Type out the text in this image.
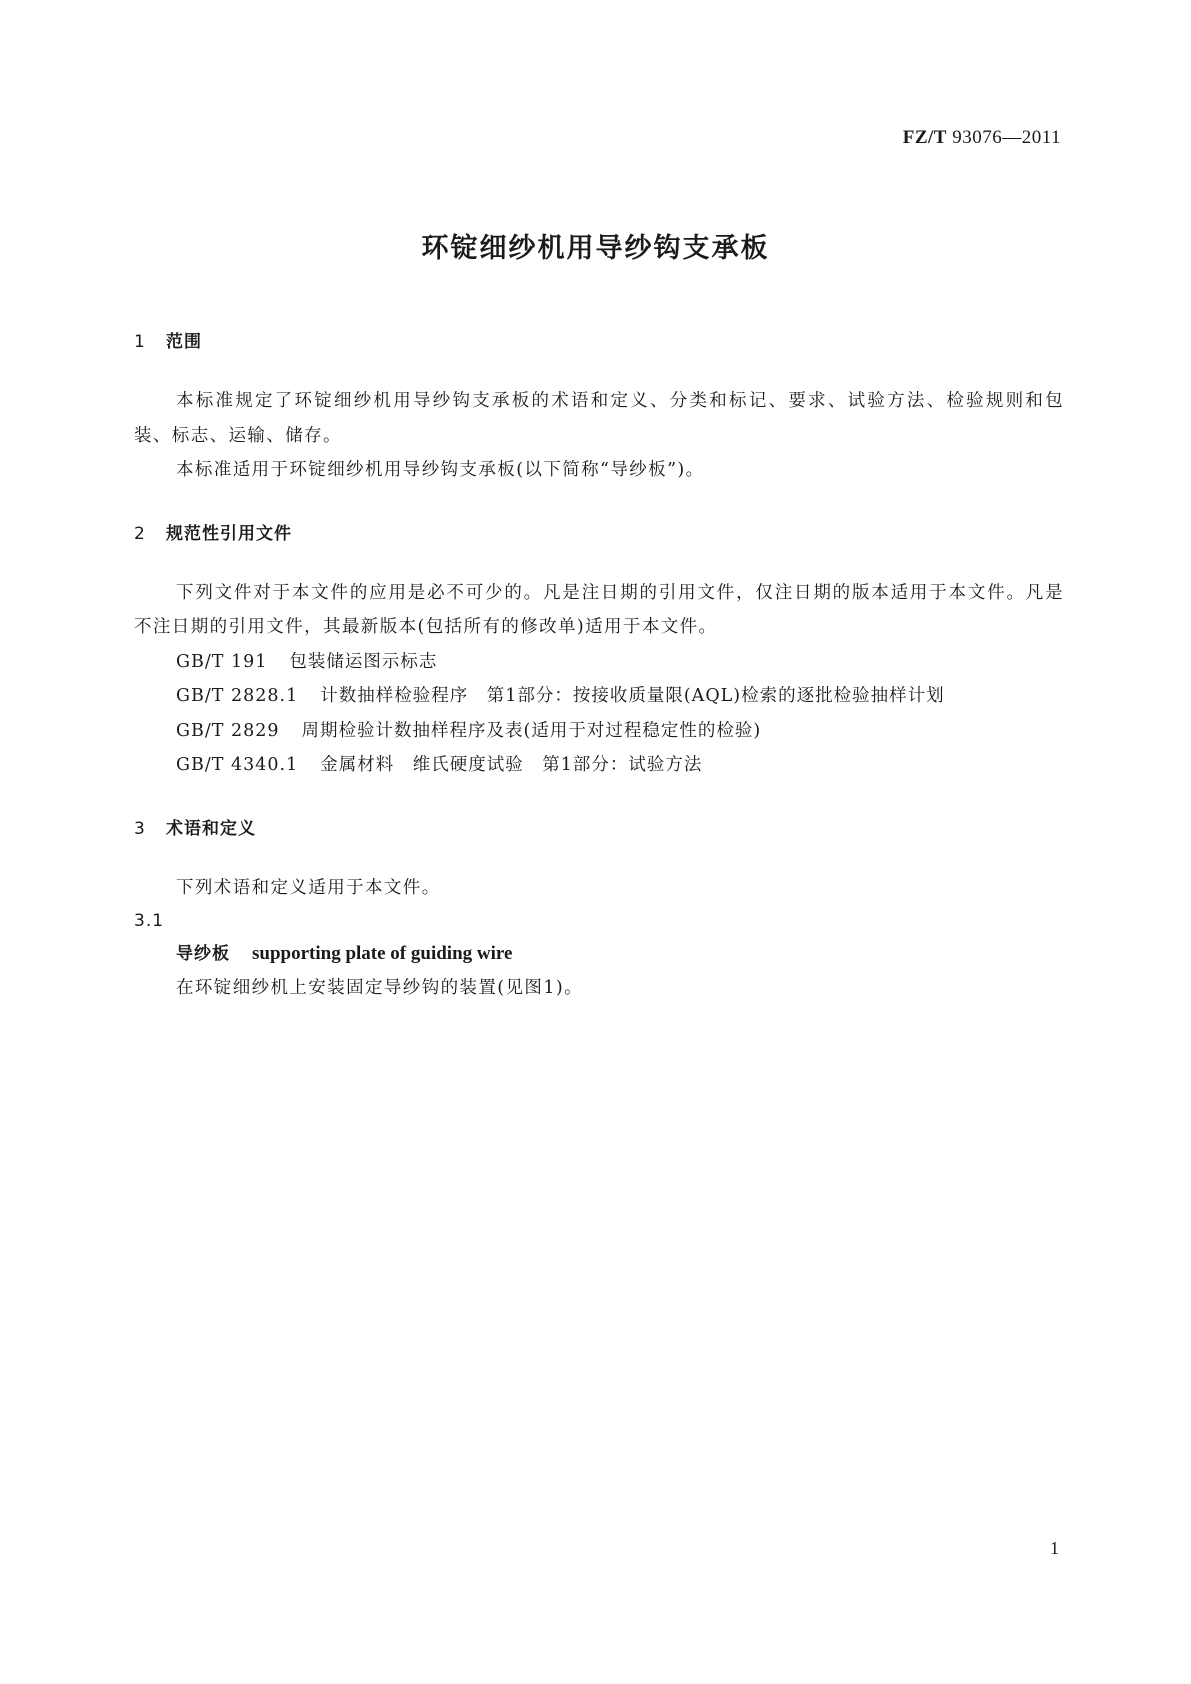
FZ/T 93076—2011
环锭细纱机用导纱钩支承板
1 范围
本标准规定了环锭细纱机用导纱钩支承板的术语和定义、分类和标记、要求、试验方法、检验规则和包装、标志、运输、储存。
本标准适用于环锭细纱机用导纱钩支承板(以下简称“导纱板”)。
2 规范性引用文件
下列文件对于本文件的应用是必不可少的。凡是注日期的引用文件，仅注日期的版本适用于本文件。凡是不注日期的引用文件，其最新版本(包括所有的修改单)适用于本文件。
GB/T 191 包装储运图示标志
GB/T 2828.1 计数抽样检验程序　第1部分：按接收质量限(AQL)检索的逐批检验抽样计划
GB/T 2829 周期检验计数抽样程序及表(适用于对过程稳定性的检验)
GB/T 4340.1 金属材料　维氏硬度试验　第1部分：试验方法
3 术语和定义
下列术语和定义适用于本文件。
3.1
导纱板 supporting plate of guiding wire
在环锭细纱机上安装固定导纱钩的装置(见图1)。
1
